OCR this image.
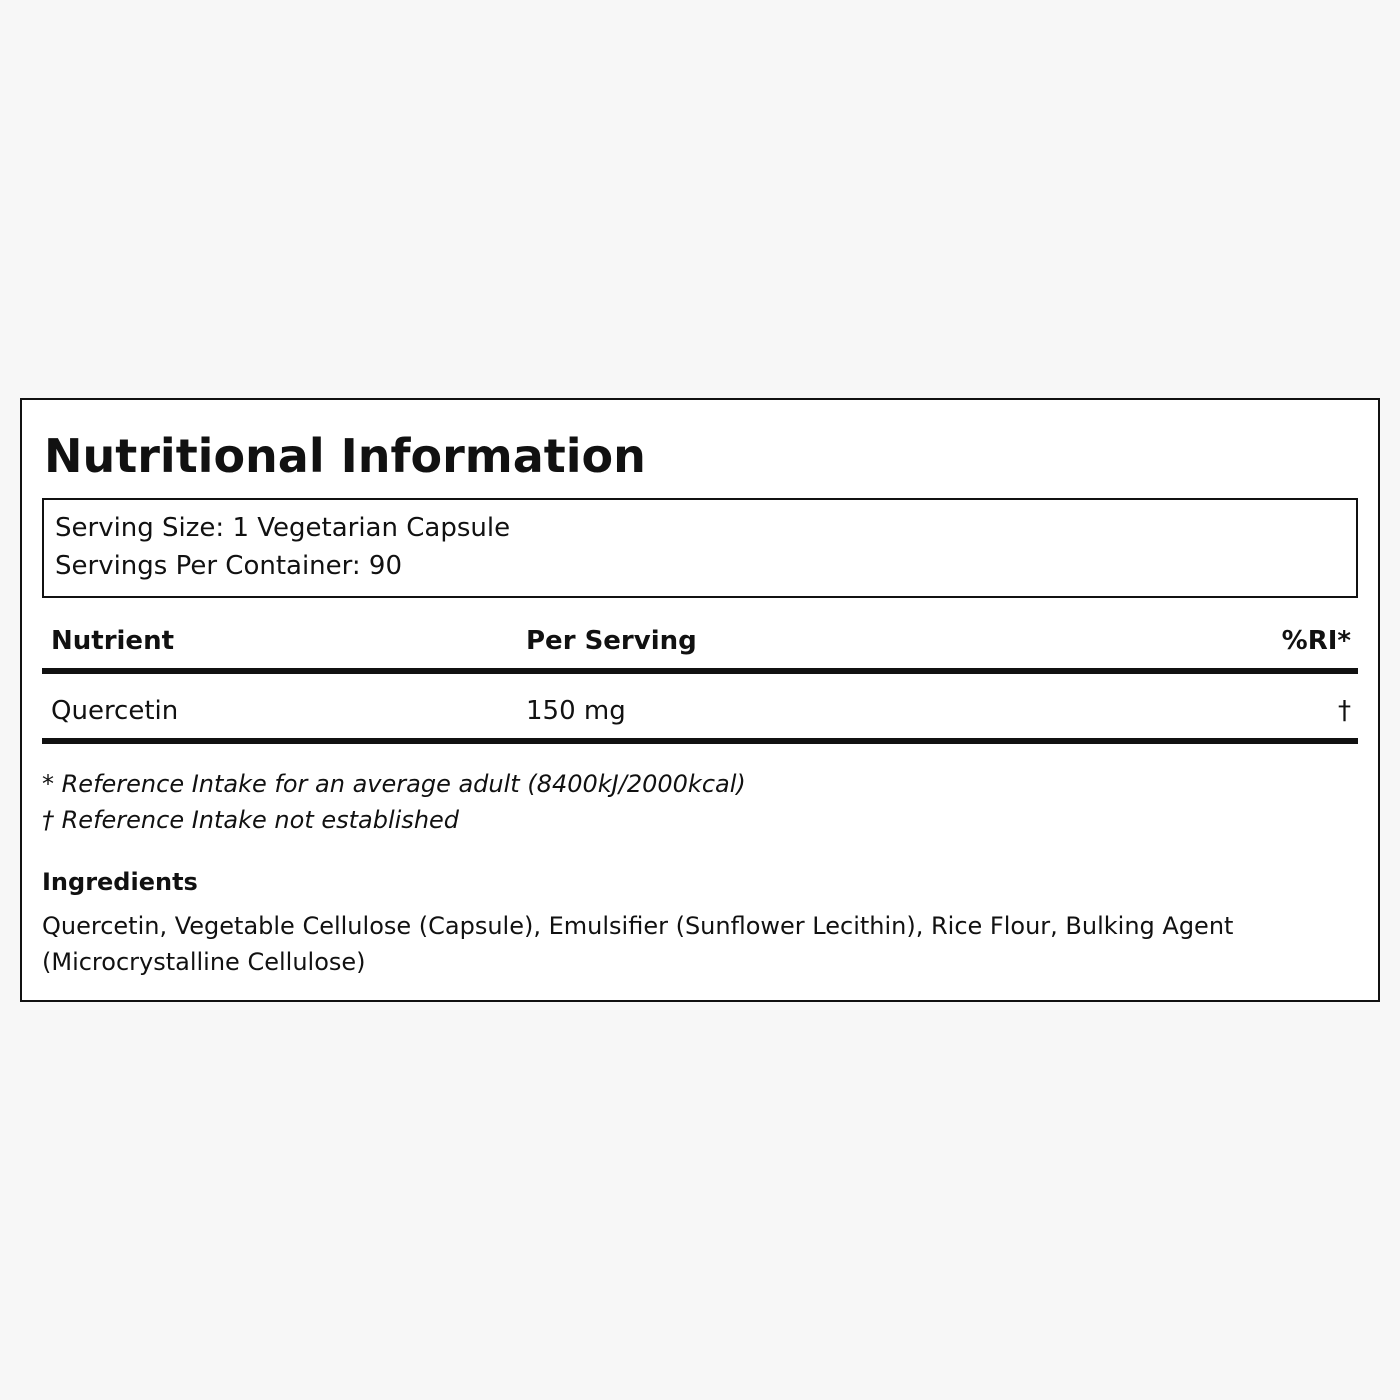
Nutritional Information
Serving Size: 1 Vegetarian Capsule
Servings Per Container: 90
Nutrient	Per Serving	%RI*
Quercetin	150 mg	†
* Reference Intake for an average adult (8400kJ/2000kcal)
† Reference Intake not established
Ingredients
Quercetin, Vegetable Cellulose (Capsule), Emulsifier (Sunflower Lecithin), Rice Flour, Bulking Agent (Microcrystalline Cellulose)
